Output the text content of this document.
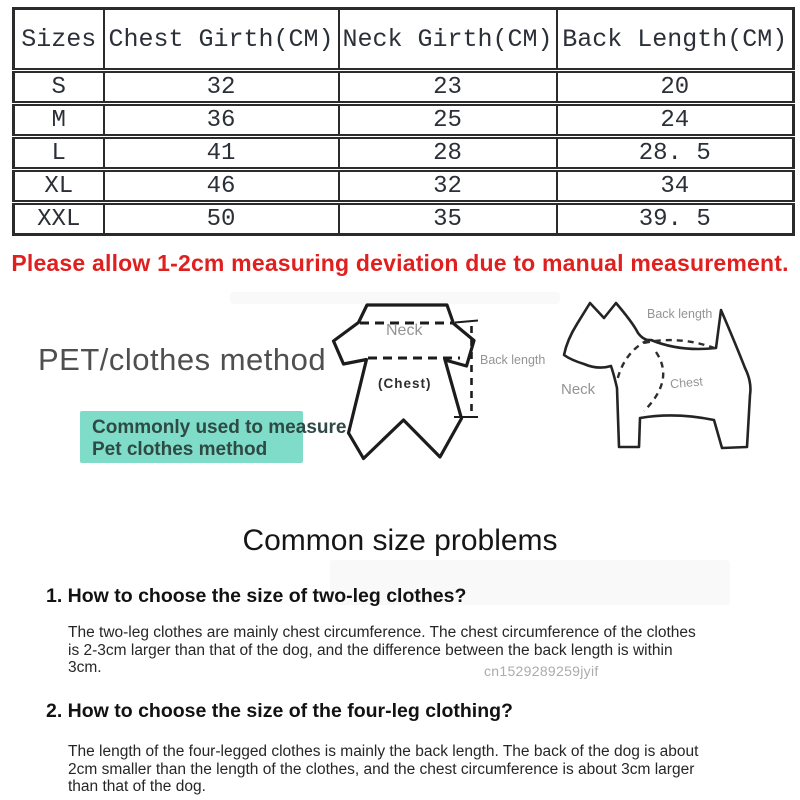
Sizes	Chest Girth(CM)	Neck Girth(CM)	Back Length(CM)
S	32	23	20
M	36	25	24
L	41	28	28. 5
XL	46	32	34
XXL	50	35	39. 5
Please allow 1-2cm measuring deviation due to manual measurement.
PET/clothes method
Commonly used to measure
Pet clothes method
Neck
(Chest)
Back length
Back length
Neck	Chest
Common size problems
1. How to choose the size of two-leg clothes?
The two-leg clothes are mainly chest circumference. The chest circumference of the clothes is 2-3cm larger than that of the dog, and the difference between the back length is within 3cm.	cn1529289259jyif
2. How to choose the size of the four-leg clothing?
The length of the four-legged clothes is mainly the back length. The back of the dog is about 2cm smaller than the length of the clothes, and the chest circumference is about 3cm larger than that of the dog.
